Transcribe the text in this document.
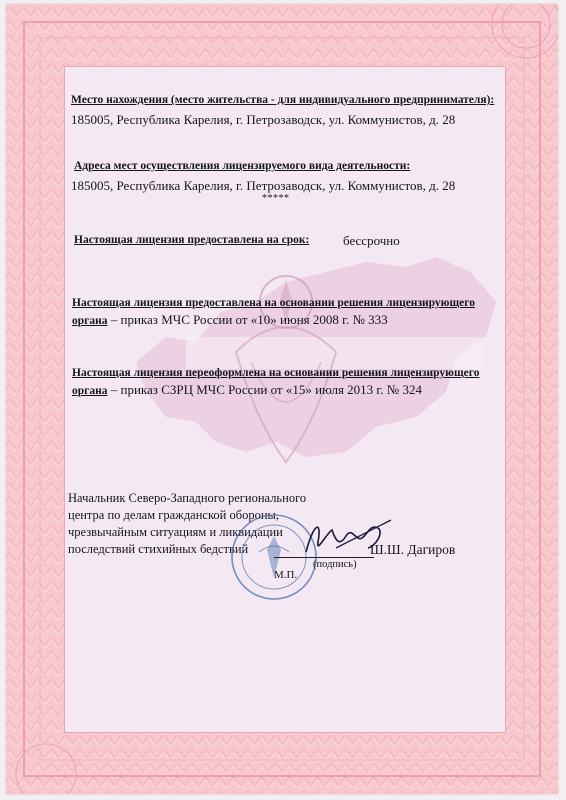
Место нахождения (место жительства - для индивидуального предпринимателя):
185005, Республика Карелия, г. Петрозаводск, ул. Коммунистов, д. 28
Адреса мест осуществления лицензируемого вида деятельности:
185005, Республика Карелия, г. Петрозаводск, ул. Коммунистов, д. 28
*****
Настоящая лицензия предоставлена на срок:	бессрочно
Настоящая лицензия предоставлена на основании решения лицензирующего
органа – приказ МЧС России от «10» июня 2008 г. № 333
Настоящая лицензия переоформлена на основании решения лицензирующего
органа – приказ СЗРЦ МЧС России от «15» июля 2013 г. № 324
Начальник Северо-Западного регионального
центра по делам гражданской обороны,
чрезвычайным ситуациям и ликвидации
последствий стихийных бедствий
(подпись)
М.П.
Ш.Ш. Дагиров
